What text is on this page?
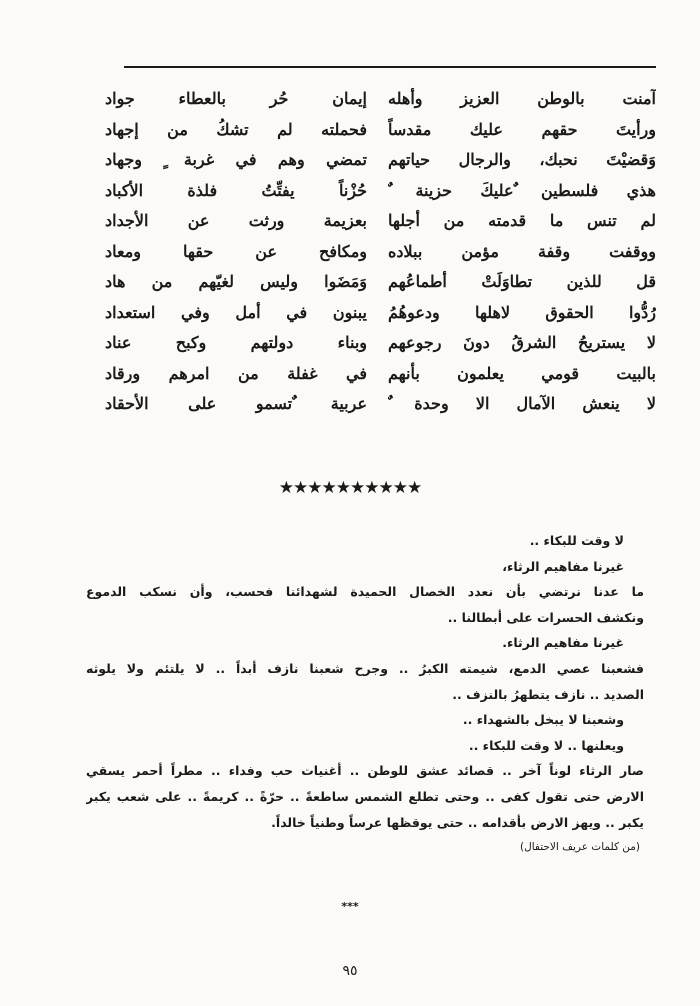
آمنت بالوطن العزيز وأهله
ورأيتَ حقهم عليك مقدساً
وَقضيْتَ نحبك، والرجال حياتهم
هذي فلسطين ٌعليكَ حزينة ٌ
لم تنس ما قدمته من أجلها
ووقفت وقفة مؤمن ببلاده
قل للذين تطاوَلَتْ أطماعُهم
رُدُّوا الحقوق لاهلها ودعوهُمُ
لا يستريحُ الشرقُ دونَ رجوعهم
بالبيت قومي يعلمون بأنهم
لا ينعش الآمال الا وحدة ٌ
إيمان حُر بالعطاء جواد
فحملته لم تشكُ من إجهاد
تمضي وهم في غربة ٍ وجهاد
حُزْناً يفتِّتُ فلذة الأكباد
بعزيمة ورثت عن الأجداد
ومكافح عن حقها ومعاد
وَمَضَوا وليس لغيّهم من هاد
يبنون في أمل وفي استعداد
وبناء دولتهم وكبح عناد
في غفلة من امرهم ورقاد
عربية ٌتسمو على الأحقاد
★★★★★★★★★★
لا وقت للبكاء ..
غيرنا مفاهيم الرثاء،
ما عدنا نرتضي بأن نعدد الخصال الحميدة لشهدائنا فحسب، وأن نسكب الدموع
ونكشف الحسرات على أبطالنا ..
غيرنا مفاهيم الرثاء.
فشعبنا عصي الدمع، شيمته الكبرُ .. وجرح شعبنا نازف أبداً .. لا يلتئم ولا يلوثه
الصديد .. نازف يتطهرُ بالنزف ..
وشعبنا لا يبخل بالشهداء ..
ويعلنها .. لا وقت للبكاء ..
صار الرثاء لوناً آخر .. قصائد عشق للوطن .. أغنيات حب وفداء .. مطراً أحمر يسقي
الارض حتى تقول كفى .. وحتى تطلع الشمس ساطعةً .. حرّةً .. كريمةً .. على شعب يكبر
يكبر .. ويهز الارض بأقدامه .. حتى يوقظها عرساً وطنياً خالداً.
(من كلمات عريف الاحتفال)
***
٩٥
